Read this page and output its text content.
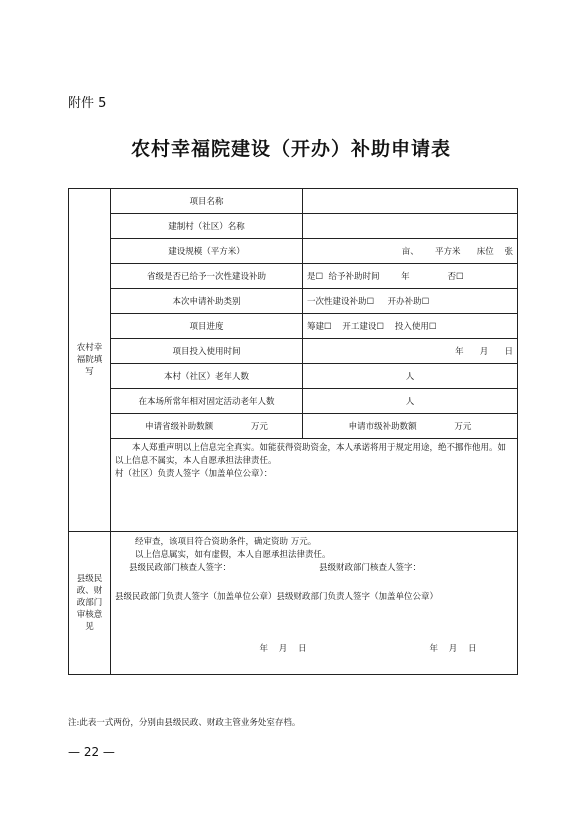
附件 5
农村幸福院建设（开办）补助申请表
农村幸福院填写	项目名称	
	建制村（社区）名称	
	建设规模（平方米）	亩、      平方米      床位    张
	省级是否已给予一次性建设补助	是☐  给予补助时间        年              否☐
	本次申请补助类别	一次性建设补助☐     开办补助☐
	项目进度	筹建☐    开工建设☐    投入使用☐
	项目投入使用时间	年      月      日
	本村（社区）老年人数	人
	在本场所常年相对固定活动老年人数	人
	申请省级补助数额              万元	申请市级补助数额              万元

	本人郑重声明以上信息完全真实。如能获得资助资金，本人承诺将用于规定用途，绝不挪作他用。如以上信息不属实，本人自愿承担法律责任。

村（社区）负责人签字（加盖单位公章）：	

县级民政、财政部门审核意见	经审查，该项目符合资助条件，确定资助 万元。

以上信息属实，如有虚假，本人自愿承担法律责任。

县级民政部门核查人签字： 县级财政部门核查人签字：

县级民政部门负责人签字（加盖单位公章）县级财政部门负责人签字（加盖单位公章）

年    月    日 年    月    日	

注:此表一式两份，分别由县级民政、财政主管业务处室存档。
— 22 —
